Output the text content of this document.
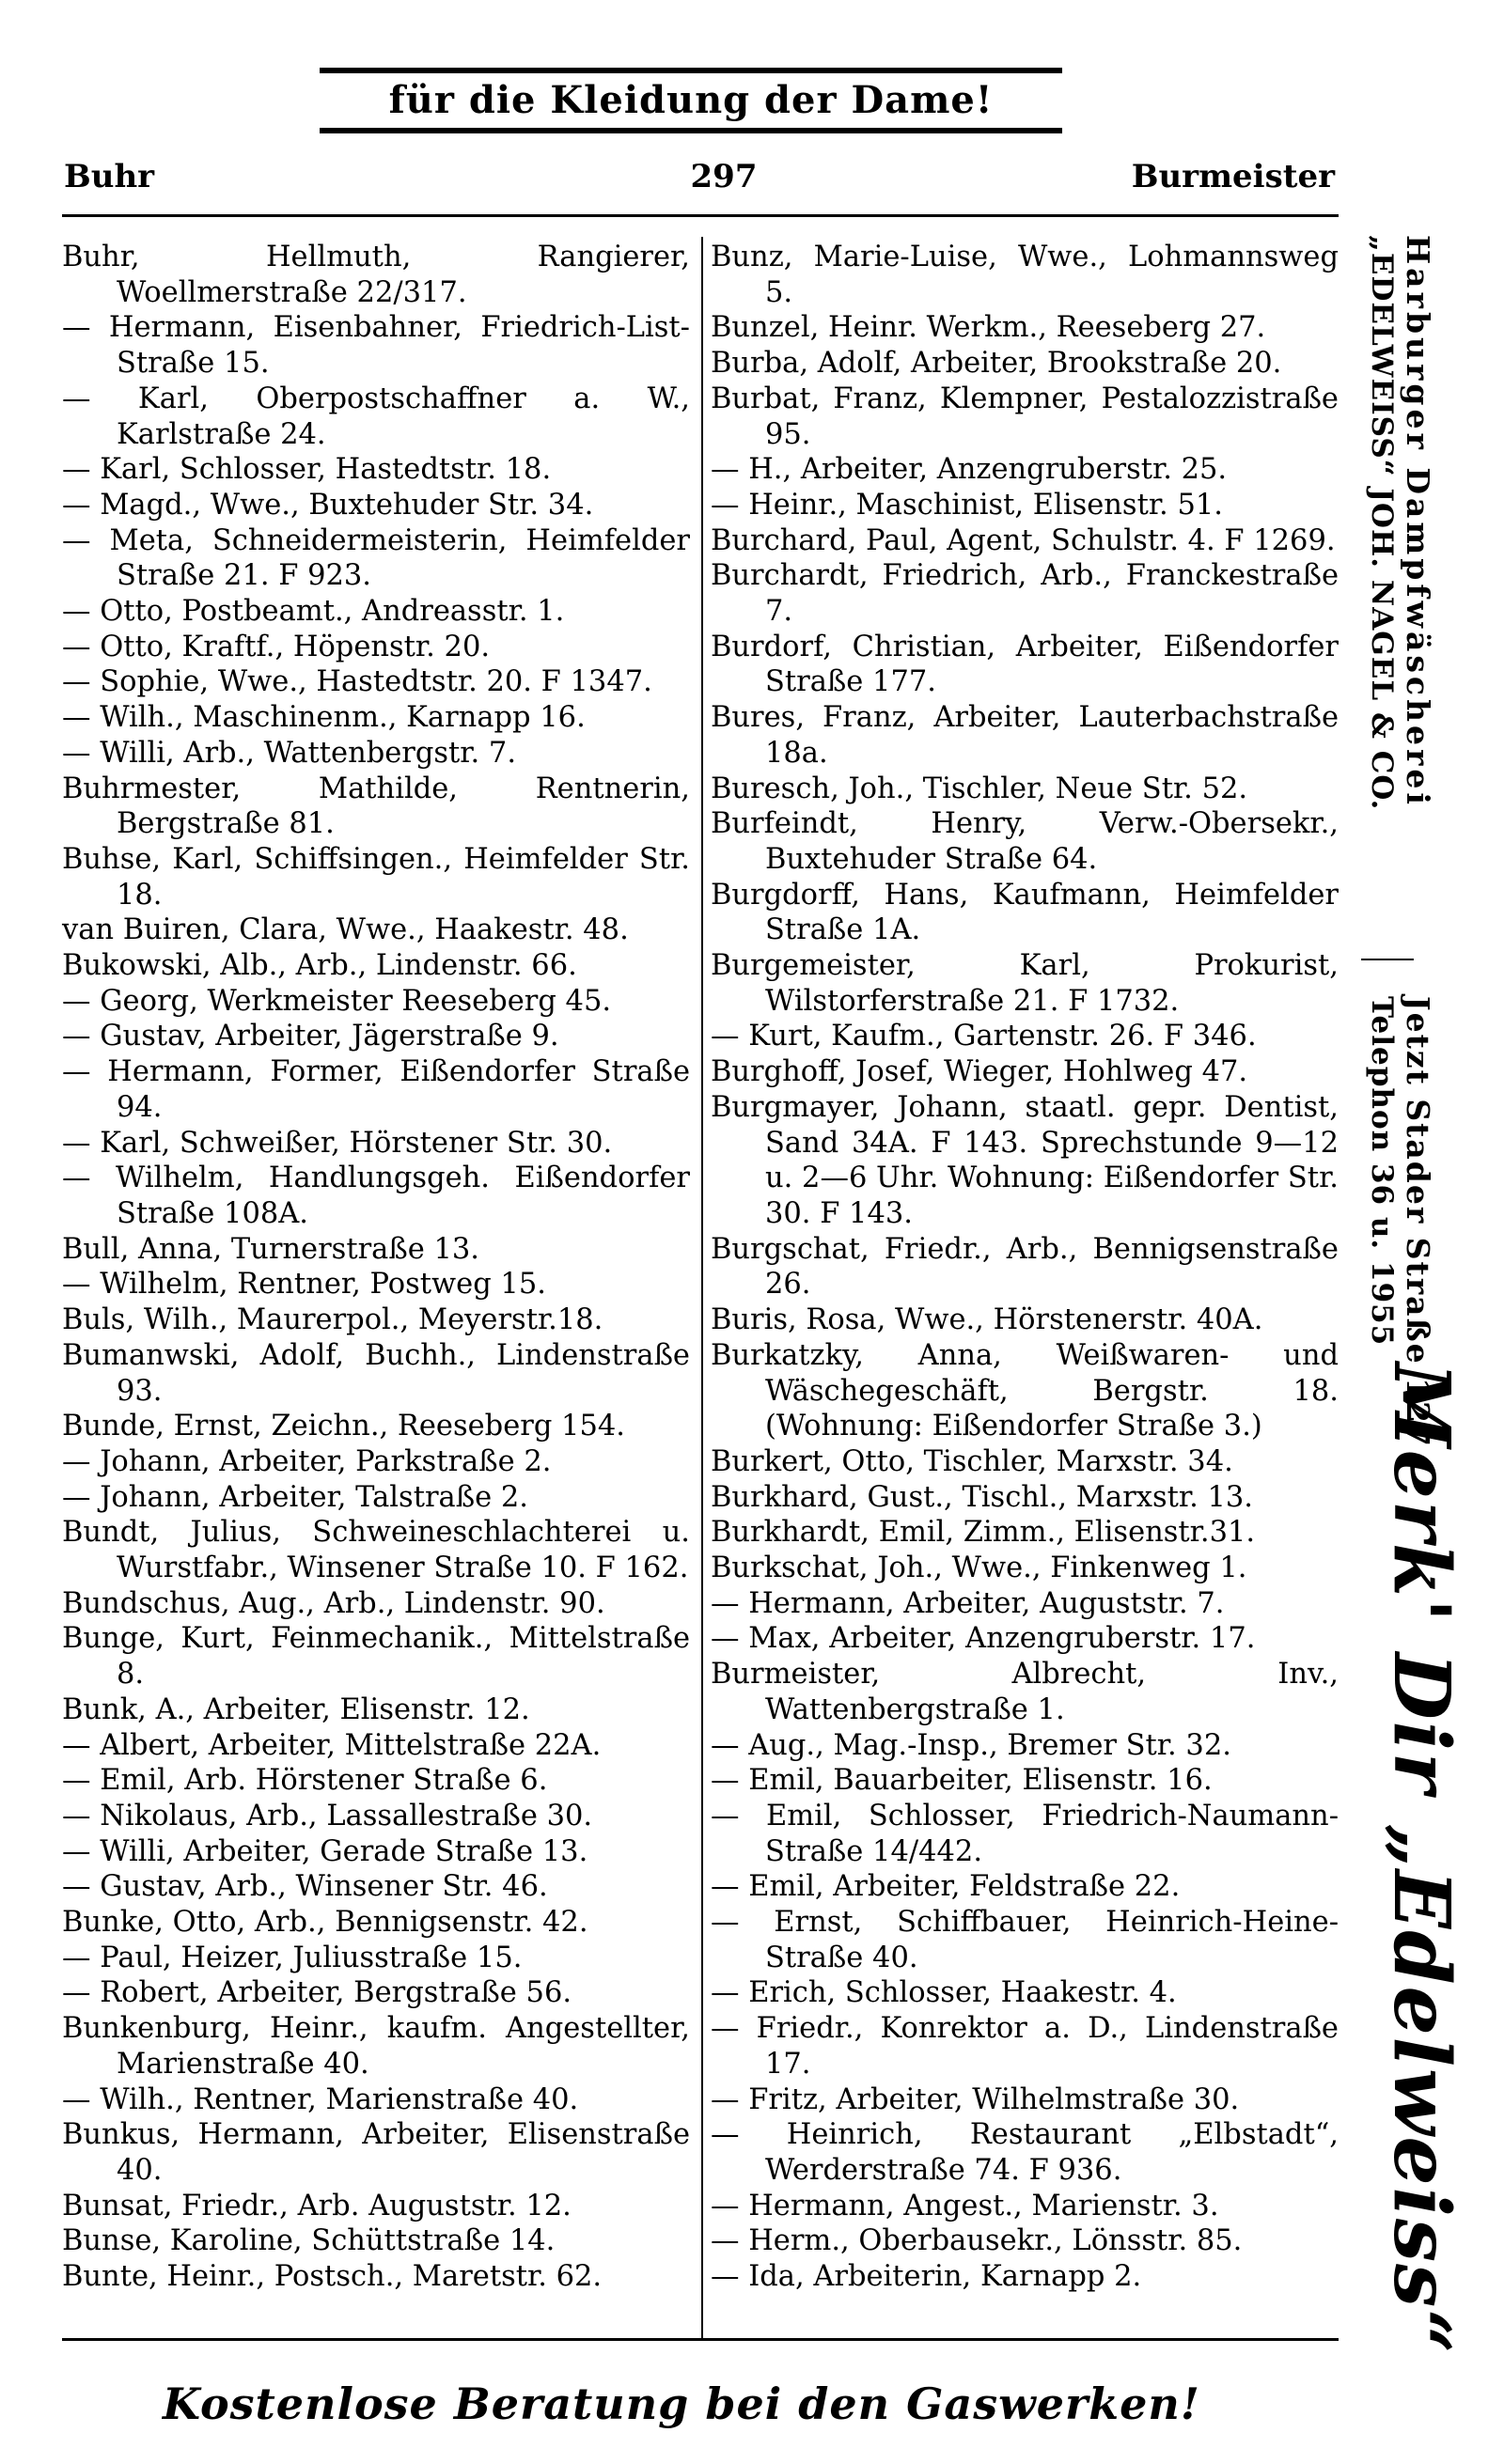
für die Kleidung der Dame!
Buhr	297	Burmeister
Buhr, Hellmuth, Rangierer, Woellmerstraße 22/317.
— Hermann, Eisenbahner, Friedrich-List-Straße 15.
— Karl, Oberpostschaffner a. W., Karlstraße 24.
— Karl, Schlosser, Hastedtstr. 18.
— Magd., Wwe., Buxtehuder Str. 34.
— Meta, Schneidermeisterin, Heimfelder Straße 21. F 923.
— Otto, Postbeamt., Andreasstr. 1.
— Otto, Kraftf., Höpenstr. 20.
— Sophie, Wwe., Hastedtstr. 20. F 1347.
— Wilh., Maschinenm., Karnapp 16.
— Willi, Arb., Wattenbergstr. 7.
Buhrmester, Mathilde, Rentnerin, Bergstraße 81.
Buhse, Karl, Schiffsingen., Heimfelder Str. 18.
van Buiren, Clara, Wwe., Haakestr. 48.
Bukowski, Alb., Arb., Lindenstr. 66.
— Georg, Werkmeister Reeseberg 45.
— Gustav, Arbeiter, Jägerstraße 9.
— Hermann, Former, Eißendorfer Straße 94.
— Karl, Schweißer, Hörstener Str. 30.
— Wilhelm, Handlungsgeh. Eißendorfer Straße 108A.
Bull, Anna, Turnerstraße 13.
— Wilhelm, Rentner, Postweg 15.
Buls, Wilh., Maurerpol., Meyerstr.18.
Bumanwski, Adolf, Buchh., Lindenstraße 93.
Bunde, Ernst, Zeichn., Reeseberg 154.
— Johann, Arbeiter, Parkstraße 2.
— Johann, Arbeiter, Talstraße 2.
Bundt, Julius, Schweineschlachterei u. Wurstfabr., Winsener Straße 10. F 162.
Bundschus, Aug., Arb., Lindenstr. 90.
Bunge, Kurt, Feinmechanik., Mittelstraße 8.
Bunk, A., Arbeiter, Elisenstr. 12.
— Albert, Arbeiter, Mittelstraße 22A.
— Emil, Arb. Hörstener Straße 6.
— Nikolaus, Arb., Lassallestraße 30.
— Willi, Arbeiter, Gerade Straße 13.
— Gustav, Arb., Winsener Str. 46.
Bunke, Otto, Arb., Bennigsenstr. 42.
— Paul, Heizer, Juliusstraße 15.
— Robert, Arbeiter, Bergstraße 56.
Bunkenburg, Heinr., kaufm. Angestellter, Marienstraße 40.
— Wilh., Rentner, Marienstraße 40.
Bunkus, Hermann, Arbeiter, Elisenstraße 40.
Bunsat, Friedr., Arb. Auguststr. 12.
Bunse, Karoline, Schüttstraße 14.
Bunte, Heinr., Postsch., Maretstr. 62.
Bunz, Marie-Luise, Wwe., Lohmannsweg 5.
Bunzel, Heinr. Werkm., Reeseberg 27.
Burba, Adolf, Arbeiter, Brookstraße 20.
Burbat, Franz, Klempner, Pestalozzistraße 95.
— H., Arbeiter, Anzengruberstr. 25.
— Heinr., Maschinist, Elisenstr. 51.
Burchard, Paul, Agent, Schulstr. 4. F 1269.
Burchardt, Friedrich, Arb., Franckestraße 7.
Burdorf, Christian, Arbeiter, Eißendorfer Straße 177.
Bures, Franz, Arbeiter, Lauterbachstraße 18a.
Buresch, Joh., Tischler, Neue Str. 52.
Burfeindt, Henry, Verw.-Obersekr., Buxtehuder Straße 64.
Burgdorff, Hans, Kaufmann, Heimfelder Straße 1A.
Burgemeister, Karl, Prokurist, Wilstorferstraße 21. F 1732.
— Kurt, Kaufm., Gartenstr. 26. F 346.
Burghoff, Josef, Wieger, Hohlweg 47.
Burgmayer, Johann, staatl. gepr. Dentist, Sand 34A. F 143. Sprechstunde 9—12 u. 2—6 Uhr. Wohnung: Eißendorfer Str. 30. F 143.
Burgschat, Friedr., Arb., Bennigsenstraße 26.
Buris, Rosa, Wwe., Hörstenerstr. 40A.
Burkatzky, Anna, Weißwaren- und Wäschegeschäft, Bergstr. 18. (Wohnung: Eißendorfer Straße 3.)
Burkert, Otto, Tischler, Marxstr. 34.
Burkhard, Gust., Tischl., Marxstr. 13.
Burkhardt, Emil, Zimm., Elisenstr.31.
Burkschat, Joh., Wwe., Finkenweg 1.
— Hermann, Arbeiter, Auguststr. 7.
— Max, Arbeiter, Anzengruberstr. 17.
Burmeister, Albrecht, Inv., Wattenbergstraße 1.
— Aug., Mag.-Insp., Bremer Str. 32.
— Emil, Bauarbeiter, Elisenstr. 16.
— Emil, Schlosser, Friedrich-Naumann-Straße 14/442.
— Emil, Arbeiter, Feldstraße 22.
— Ernst, Schiffbauer, Heinrich-Heine-Straße 40.
— Erich, Schlosser, Haakestr. 4.
— Friedr., Konrektor a. D., Lindenstraße 17.
— Fritz, Arbeiter, Wilhelmstraße 30.
— Heinrich, Restaurant „Elbstadt“, Werderstraße 74. F 936.
— Hermann, Angest., Marienstr. 3.
— Herm., Oberbausekr., Lönsstr. 85.
— Ida, Arbeiterin, Karnapp 2.
Harburger Dampfwäscherei
„EDELWEISS“ JOH. NAGEL & CO.
Jetzt Stader Straße 127
Telephon 36 u. 1955
Merk' Dir „Edelweiss“
Kostenlose Beratung bei den Gaswerken!
